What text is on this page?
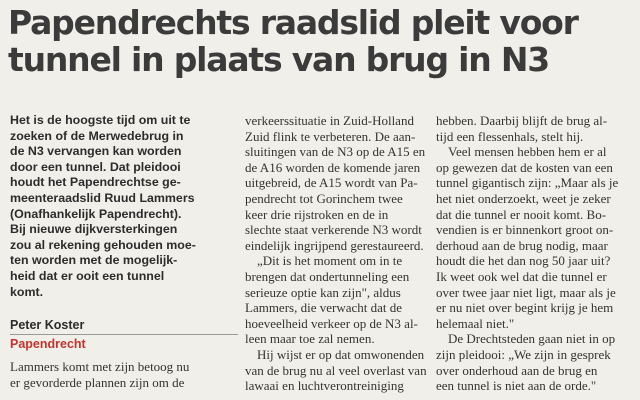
Papendrechts raadslid pleit voor
tunnel in plaats van brug in N3

Het is de hoogste tijd om uit te
zoeken of de Merwedebrug in
de N3 vervangen kan worden
door een tunnel. Dat pleidooi
houdt het Papendrechtse ge-
meenteraadslid Ruud Lammers
(Onafhankelijk Papendrecht).
Bij nieuwe dijkversterkingen
zou al rekening gehouden moe-
ten worden met de mogelijk-
heid dat er ooit een tunnel
komt.

Peter Koster
Papendrecht

Lammers komt met zijn betoog nu
er gevorderde plannen zijn om de

verkeerssituatie in Zuid-Holland
Zuid flink te verbeteren. De aan-
sluitingen van de N3 op de A15 en
de A16 worden de komende jaren
uitgebreid, de A15 wordt van Pa-
pendrecht tot Gorinchem twee
keer drie rijstroken en de in
slechte staat verkerende N3 wordt
eindelijk ingrijpend gerestaureerd.
„Dit is het moment om in te
brengen dat ondertunneling een
serieuze optie kan zijn", aldus
Lammers, die verwacht dat de
hoeveelheid verkeer op de N3 al-
leen maar toe zal nemen.
Hij wijst er op dat omwonenden
van de brug nu al veel overlast van
lawaai en luchtverontreiniging

hebben. Daarbij blijft de brug al-
tijd een flessenhals, stelt hij.
Veel mensen hebben hem er al
op gewezen dat de kosten van een
tunnel gigantisch zijn: „Maar als je
het niet onderzoekt, weet je zeker
dat die tunnel er nooit komt. Bo-
vendien is er binnenkort groot on-
derhoud aan de brug nodig, maar
houdt die het dan nog 50 jaar uit?
Ik weet ook wel dat die tunnel er
over twee jaar niet ligt, maar als je
er nu niet over begint krijg je hem
helemaal niet."
De Drechtsteden gaan niet in op
zijn pleidooi: „We zijn in gesprek
over onderhoud aan de brug en
een tunnel is niet aan de orde."
